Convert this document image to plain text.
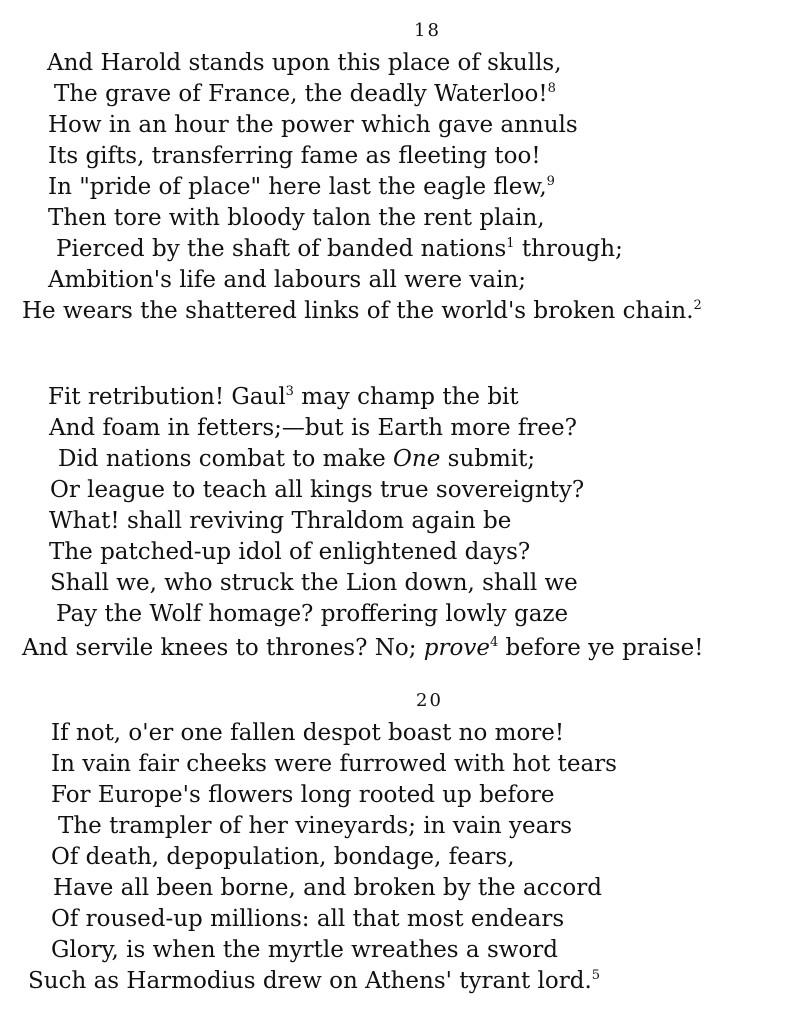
18
And Harold stands upon this place of skulls,
The grave of France, the deadly Waterloo!$^8$
How in an hour the power which gave annuls
Its gifts, transferring fame as fleeting too!
In "pride of place" here last the eagle flew,$^9$
Then tore with bloody talon the rent plain,
Pierced by the shaft of banded nations$^1$ through;
Ambition's life and labours all were vain;
He wears the shattered links of the world's broken chain.$^2$
Fit retribution! Gaul$^3$ may champ the bit
And foam in fetters;—but is Earth more free?
Did nations combat to make One submit;
Or league to teach all kings true sovereignty?
What! shall reviving Thraldom again be
The patched-up idol of enlightened days?
Shall we, who struck the Lion down, shall we
Pay the Wolf homage? proffering lowly gaze
And servile knees to thrones? No; prove$^4$ before ye praise!
20
If not, o'er one fallen despot boast no more!
In vain fair cheeks were furrowed with hot tears
For Europe's flowers long rooted up before
The trampler of her vineyards; in vain years
Of death, depopulation, bondage, fears,
Have all been borne, and broken by the accord
Of roused-up millions: all that most endears
Glory, is when the myrtle wreathes a sword
Such as Harmodius drew on Athens' tyrant lord.$^5$
